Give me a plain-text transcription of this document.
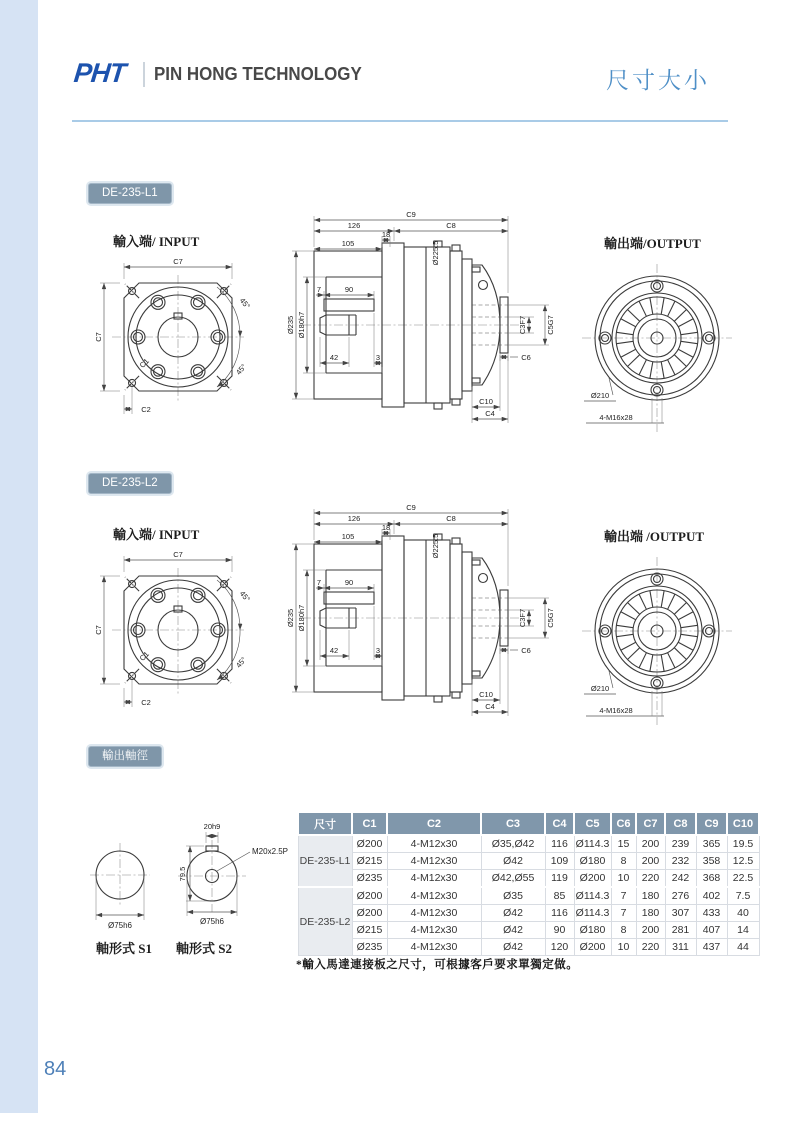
PHT PIN HONG TECHNOLOGY	尺寸大小
DE-235-L1
輸入端/ INPUT	輸出端/OUTPUT
C7
C7
C2
C1
45°
45°
C9
C8
126
18
105	Ø225.5
Ø235 Ø180h7
7	90
42	3
C3F7	C5G7
C6
C10
C4
Ø210
4-M16x28
DE-235-L2
輸入端/ INPUT	輸出端 /OUTPUT
C7
C7
C2
C1
45°
45°
C9
C8
126
18
105	Ø225.5
Ø235 Ø180h7
7	90
42	3
C3F7	C5G7
C6
C10
C4
Ø210
4-M16x28
輸出軸徑
Ø75h6
20h9
79.5
M20x2.5P
Ø75h6
軸形式 S1 軸形式 S2
尺寸	C1	C2	C3	C4	C5	C6	C7	C8	C9	C10
DE-235-L1	Ø200	4-M12x30	Ø35,Ø42	116	Ø114.3	15	200	239	365	19.5
	Ø215	4-M12x30	Ø42	109	Ø180	8	200	232	358	12.5
	Ø235	4-M12x30	Ø42,Ø55	119	Ø200	10	220	242	368	22.5
DE-235-L2	Ø200	4-M12x30	Ø35	85	Ø114.3	7	180	276	402	7.5
	Ø200	4-M12x30	Ø42	116	Ø114.3	7	180	307	433	40
	Ø215	4-M12x30	Ø42	90	Ø180	8	200	281	407	14
	Ø235	4-M12x30	Ø42	120	Ø200	10	220	311	437	44
*輸入馬達連接板之尺寸，可根據客戶要求單獨定做。
84
